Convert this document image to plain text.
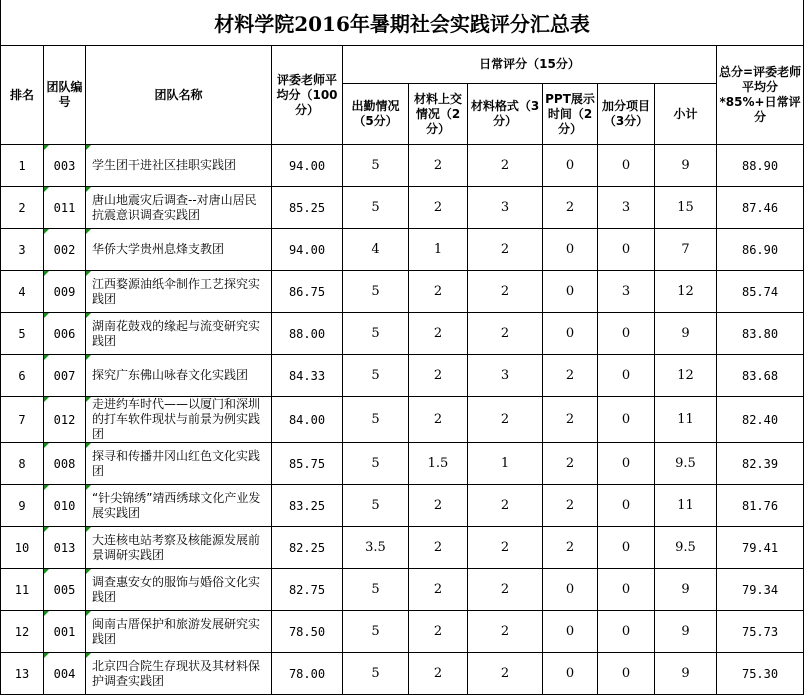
材料学院2016年暑期社会实践评分汇总表										
排名	团队编号	团队名称	评委老师平均分（100分）	日常评分（15分）						总分=评委老师平均分*85%+日常评分
				出勤情况（5分）	材料上交情况（2分）	材料格式（3分）	PPT展示时间（2分）	加分项目（3分）	小计	
1	003	学生团干进社区挂职实践团	94.00	5	2	2	0	0	9	88.90
2	011	唐山地震灾后调查--对唐山居民抗震意识调查实践团	85.25	5	2	3	2	3	15	87.46
3	002	华侨大学贵州息烽支教团	94.00	4	1	2	0	0	7	86.90
4	009	江西婺源油纸伞制作工艺探究实践团	86.75	5	2	2	0	3	12	85.74
5	006	湖南花鼓戏的缘起与流变研究实践团	88.00	5	2	2	0	0	9	83.80
6	007	探究广东佛山咏春文化实践团	84.33	5	2	3	2	0	12	83.68
7	012	走进约车时代——以厦门和深圳的打车软件现状与前景为例实践团	84.00	5	2	2	2	0	11	82.40
8	008	探寻和传播井冈山红色文化实践团	85.75	5	1.5	1	2	0	9.5	82.39
9	010	“针尖锦绣”靖西绣球文化产业发展实践团	83.25	5	2	2	2	0	11	81.76
10	013	大连核电站考察及核能源发展前景调研实践团	82.25	3.5	2	2	2	0	9.5	79.41
11	005	调查惠安女的服饰与婚俗文化实践团	82.75	5	2	2	0	0	9	79.34
12	001	闽南古厝保护和旅游发展研究实践团	78.50	5	2	2	0	0	9	75.73
13	004	北京四合院生存现状及其材料保护调查实践团	78.00	5	2	2	0	0	9	75.30
